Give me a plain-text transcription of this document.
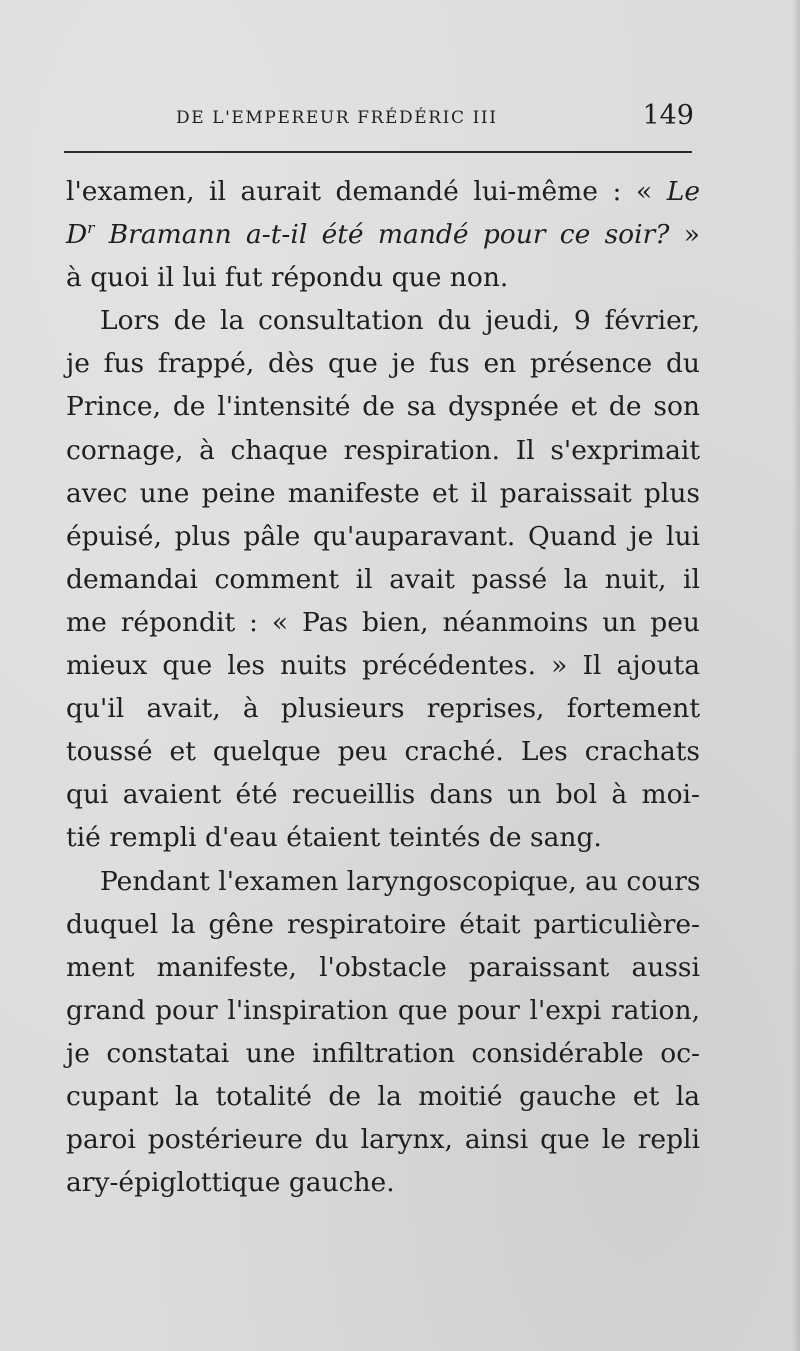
DE L'EMPEREUR FRÉDÉRIC III	149
l'examen, il aurait demandé lui-même : « Le
$D^r$ Bramann a-t-il été mandé pour ce soir? »
à quoi il lui fut répondu que non.
Lors de la consultation du jeudi, 9 février,
je fus frappé, dès que je fus en présence du
Prince, de l'intensité de sa dyspnée et de son
cornage, à chaque respiration. Il s'exprimait
avec une peine manifeste et il paraissait plus
épuisé, plus pâle qu'auparavant. Quand je lui
demandai comment il avait passé la nuit, il
me répondit : « Pas bien, néanmoins un peu
mieux que les nuits précédentes. » Il ajouta
qu'il avait, à plusieurs reprises, fortement
toussé et quelque peu craché. Les crachats
qui avaient été recueillis dans un bol à moi-
tié rempli d'eau étaient teintés de sang.
Pendant l'examen laryngoscopique, au cours
duquel la gêne respiratoire était particulière-
ment manifeste, l'obstacle paraissant aussi
grand pour l'inspiration que pour l'expi ration,
je constatai une infiltration considérable oc-
cupant la totalité de la moitié gauche et la
paroi postérieure du larynx, ainsi que le repli
ary-épiglottique gauche.
